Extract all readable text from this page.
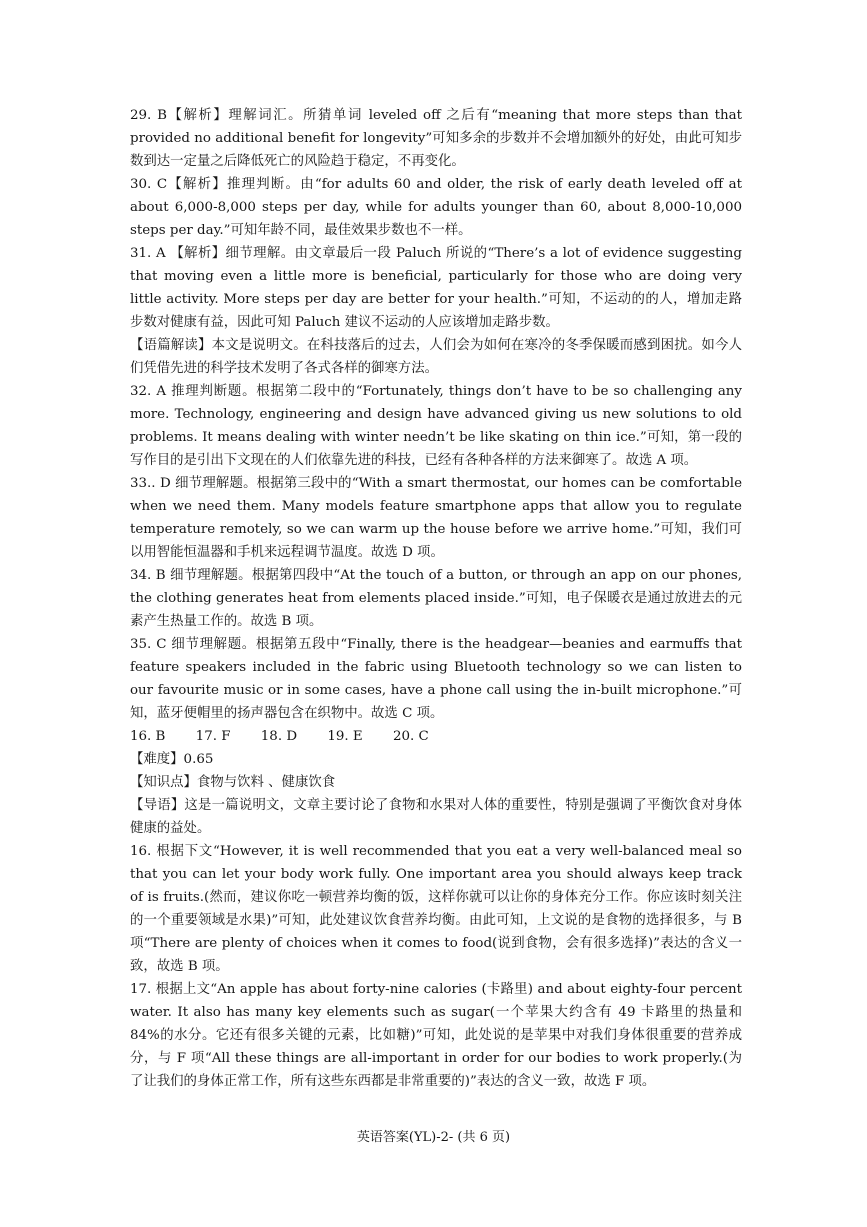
29. B【解析】理解词汇。所猜单词 leveled off 之后有“meaning that more steps than that provided no additional benefit for longevity”可知多余的步数并不会增加额外的好处，由此可知步数到达一定量之后降低死亡的风险趋于稳定，不再变化。

30. C【解析】推理判断。由“for adults 60 and older, the risk of early death leveled off at about 6,000-8,000 steps per day, while for adults younger than 60, about 8,000-10,000 steps per day.”可知年龄不同，最佳效果步数也不一样。

31. A 【解析】细节理解。由文章最后一段 Paluch 所说的“There’s a lot of evidence suggesting that moving even a little more is beneficial, particularly for those who are doing very little activity. More steps per day are better for your health.”可知，不运动的的人，增加走路步数对健康有益，因此可知 Paluch 建议不运动的人应该增加走路步数。

【语篇解读】本文是说明文。在科技落后的过去，人们会为如何在寒冷的冬季保暖而感到困扰。如今人们凭借先进的科学技术发明了各式各样的御寒方法。

32. A 推理判断题。根据第二段中的“Fortunately, things don’t have to be so challenging any more. Technology, engineering and design have advanced giving us new solutions to old problems. It means dealing with winter needn’t be like skating on thin ice.”可知，第一段的写作目的是引出下文现在的人们依靠先进的科技，已经有各种各样的方法来御寒了。故选 A 项。

33.. D 细节理解题。根据第三段中的“With a smart thermostat, our homes can be comfortable when we need them. Many models feature smartphone apps that allow you to regulate temperature remotely, so we can warm up the house before we arrive home.”可知，我们可以用智能恒温器和手机来远程调节温度。故选 D 项。

34. B 细节理解题。根据第四段中“At the touch of a button, or through an app on our phones, the clothing generates heat from elements placed inside.”可知，电子保暖衣是通过放进去的元素产生热量工作的。故选 B 项。

35. C 细节理解题。根据第五段中“Finally, there is the headgear—beanies and earmuffs that feature speakers included in the fabric using Bluetooth technology so we can listen to our favourite music or in some cases, have a phone call using the in-built microphone.”可知，蓝牙便帽里的扬声器包含在织物中。故选 C 项。

16. B 17. F 18. D 19. E 20. C

【难度】0.65

【知识点】食物与饮料 、健康饮食

【导语】这是一篇说明文，文章主要讨论了食物和水果对人体的重要性，特别是强调了平衡饮食对身体健康的益处。

16. 根据下文“However, it is well recommended that you eat a very well-balanced meal so that you can let your body work fully. One important area you should always keep track of is fruits.(然而，建议你吃一顿营养均衡的饭，这样你就可以让你的身体充分工作。你应该时刻关注的一个重要领域是水果)”可知，此处建议饮食营养均衡。由此可知，上文说的是食物的选择很多，与 B 项“There are plenty of choices when it comes to food(说到食物，会有很多选择)”表达的含义一致，故选 B 项。

17. 根据上文“An apple has about forty-nine calories (卡路里) and about eighty-four percent water. It also has many key elements such as sugar(一个苹果大约含有 49 卡路里的热量和 84%的水分。它还有很多关键的元素，比如糖)”可知，此处说的是苹果中对我们身体很重要的营养成分，与 F 项“All these things are all-important in order for our bodies to work properly.(为了让我们的身体正常工作，所有这些东西都是非常重要的)”表达的含义一致，故选 F 项。

英语答案(YL)-2- (共 6 页)
